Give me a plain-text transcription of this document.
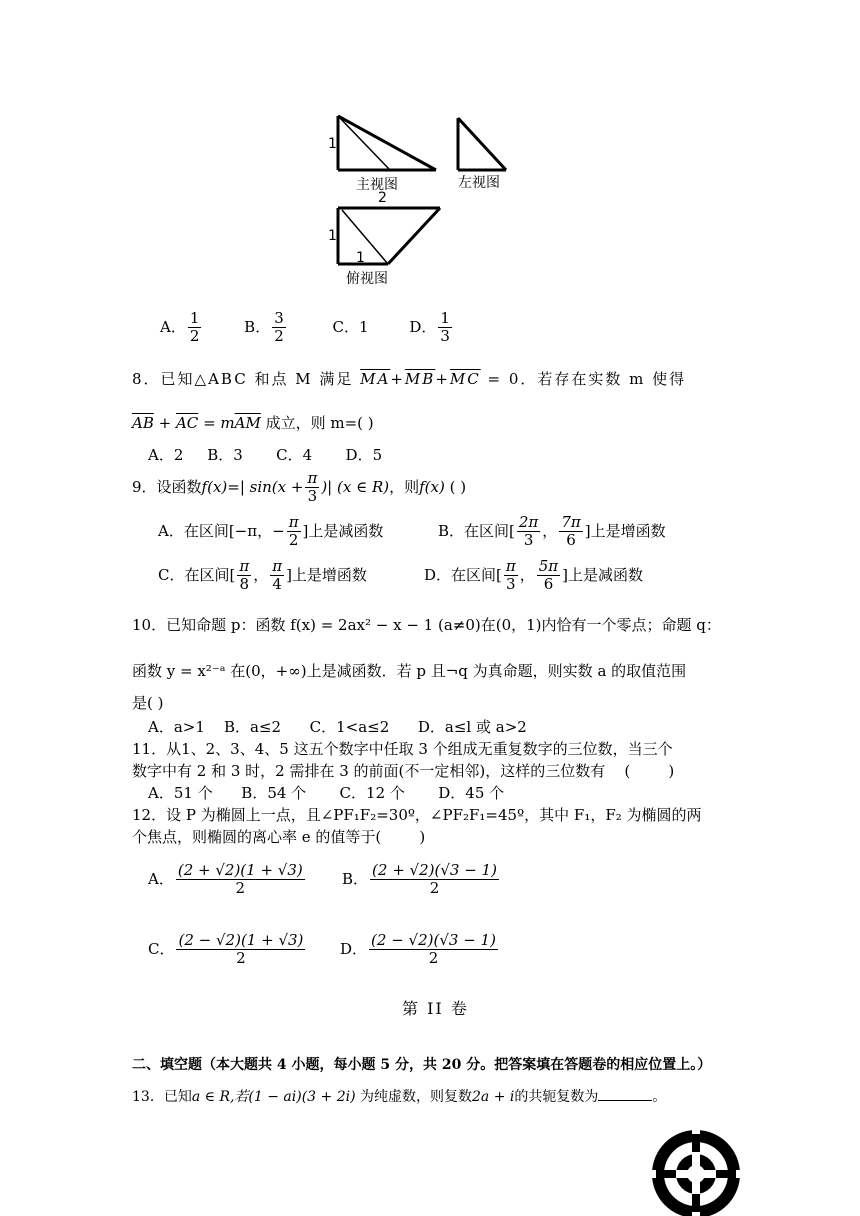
1
主视图
2
左视图
1
1
俯视图
A． $\frac{1}{2}$	B． $\frac{3}{2}$	C．1	D． $\frac{1}{3}$
8．已知△ABC 和点 M 满足 $\overline{MA}+\overline{MB}+\overline{MC} = 0$．若存在实数 m 使得
$\overline{AB} + \overline{AC} = m\overline{AM}$ 成立，则 m=( )
A．2     B．3       C．4       D．5
9．设函数f(x)=| $\sin(x + \frac{\pi}{3}$ )| (x ∈ R)，则f(x) ( )
A．在区间[−π，− $\frac{\pi}{2}$ ]上是减函数	B．在区间[ $\frac{2\pi}{3}$ ， $\frac{7\pi}{6}$ ]上是增函数
C．在区间[ $\frac{\pi}{8}$ ， $\frac{\pi}{4}$ ]上是增函数	D．在区间[ $\frac{\pi}{3}$ ， $\frac{5\pi}{6}$ ]上是减函数
10．已知命题 p：函数 f(x) = 2ax² − x − 1 (a≠0)在(0，1)内恰有一个零点；命题 q：
函数 y = x²⁻ᵃ 在(0，+∞)上是减函数．若 p 且¬q 为真命题，则实数 a 的取值范围
是( )
A．a>1    B．a≤2      C．1<a≤2      D．a≤l 或 a>2
11．从1、2、3、4、5 这五个数字中任取 3 个组成无重复数字的三位数，当三个
数字中有 2 和 3 时，2 需排在 3 的前面(不一定相邻)，这样的三位数有    (        )
A．51 个      B．54 个       C．12 个       D．45 个
12．设 P 为椭圆上一点，且∠PF₁F₂=30º，∠PF₂F₁=45º，其中 F₁，F₂ 为椭圆的两
个焦点，则椭圆的离心率 e 的值等于(        )
A． $\frac{(2 + √2)(1 + √3)}{2}$ B． $\frac{(2 + √2)(√3 - 1)}{2}$
C． $\frac{(2 - √2)(1 + √3)}{2}$ D． $\frac{(2 - √2)(√3 - 1)}{2}$
第 II 卷
二、填空题（本大题共 4 小题，每小题 5 分，共 20 分。把答案填在答题卷的相应位置上。）
13．已知a ∈ R,若(1 − ai)(3 + 2i) 为纯虚数，则复数2a + i的共轭复数为	。
